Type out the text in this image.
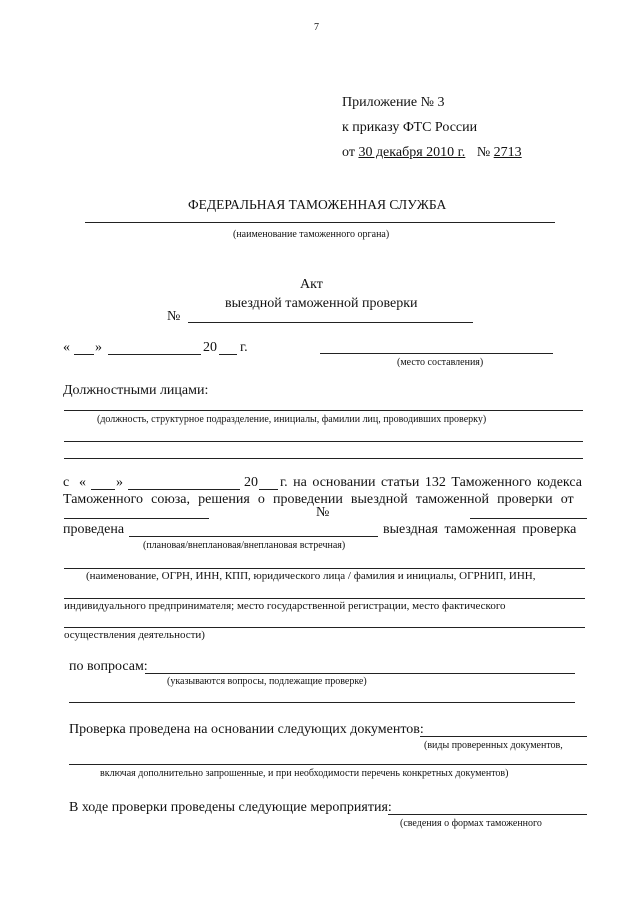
7
Приложение № 3
к приказу ФТС России
от 30 декабря 2010 г. № 2713
ФЕДЕРАЛЬНАЯ ТАМОЖЕННАЯ СЛУЖБА
(наименование таможенного органа)
Акт
выездной таможенной проверки
№
« »	20 г.
(место составления)
Должностными лицами:
(должность, структурное подразделение, инициалы, фамилии лиц, проводивших проверку)
с « »	20 г. на основании статьи 132 Таможенного кодекса
Таможенного союза, решения о проведении выездной таможенной проверки от
№
проведена	выездная таможенная проверка
(плановая/внеплановая/внеплановая встречная)
(наименование, ОГРН, ИНН, КПП, юридического лица / фамилия и инициалы, ОГРНИП, ИНН,
индивидуального предпринимателя; место государственной регистрации, место фактического
осуществления деятельности)
по вопросам:
(указываются вопросы, подлежащие проверке)
Проверка проведена на основании следующих документов:
(виды проверенных документов,
включая дополнительно запрошенные, и при необходимости перечень конкретных документов)
В ходе проверки проведены следующие мероприятия:
(сведения о формах таможенного
